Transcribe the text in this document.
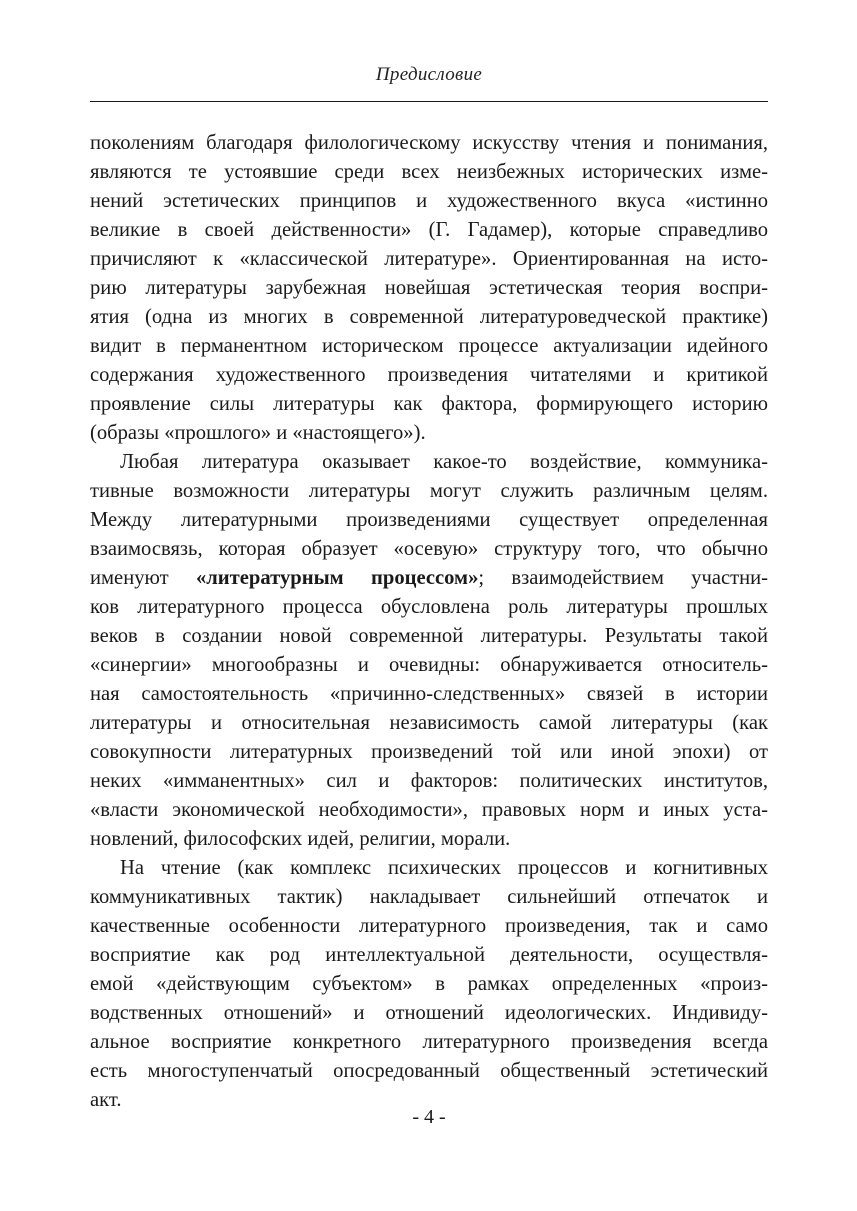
Предисловие
поколениям благодаря филологическому искусству чтения и понимания,
являются те устоявшие среди всех неизбежных исторических изме-
нений эстетических принципов и художественного вкуса «истинно
великие в своей действенности» (Г. Гадамер), которые справедливо
причисляют к «классической литературе». Ориентированная на исто-
рию литературы зарубежная новейшая эстетическая теория воспри-
ятия (одна из многих в современной литературоведческой практике)
видит в перманентном историческом процессе актуализации идейного
содержания художественного произведения читателями и критикой
проявление силы литературы как фактора, формирующего историю
(образы «прошлого» и «настоящего»).
Любая литература оказывает какое-то воздействие, коммуника-
тивные возможности литературы могут служить различным целям.
Между литературными произведениями существует определенная
взаимосвязь, которая образует «осевую» структуру того, что обычно
именуют «литературным процессом»; взаимодействием участни-
ков литературного процесса обусловлена роль литературы прошлых
веков в создании новой современной литературы. Результаты такой
«синергии» многообразны и очевидны: обнаруживается относитель-
ная самостоятельность «причинно-следственных» связей в истории
литературы и относительная независимость самой литературы (как
совокупности литературных произведений той или иной эпохи) от
неких «имманентных» сил и факторов: политических институтов,
«власти экономической необходимости», правовых норм и иных уста-
новлений, философских идей, религии, морали.
На чтение (как комплекс психических процессов и когнитивных
коммуникативных тактик) накладывает сильнейший отпечаток и
качественные особенности литературного произведения, так и само
восприятие как род интеллектуальной деятельности, осуществля-
емой «действующим субъектом» в рамках определенных «произ-
водственных отношений» и отношений идеологических. Индивиду-
альное восприятие конкретного литературного произведения всегда
есть многоступенчатый опосредованный общественный эстетический
акт.
- 4 -
